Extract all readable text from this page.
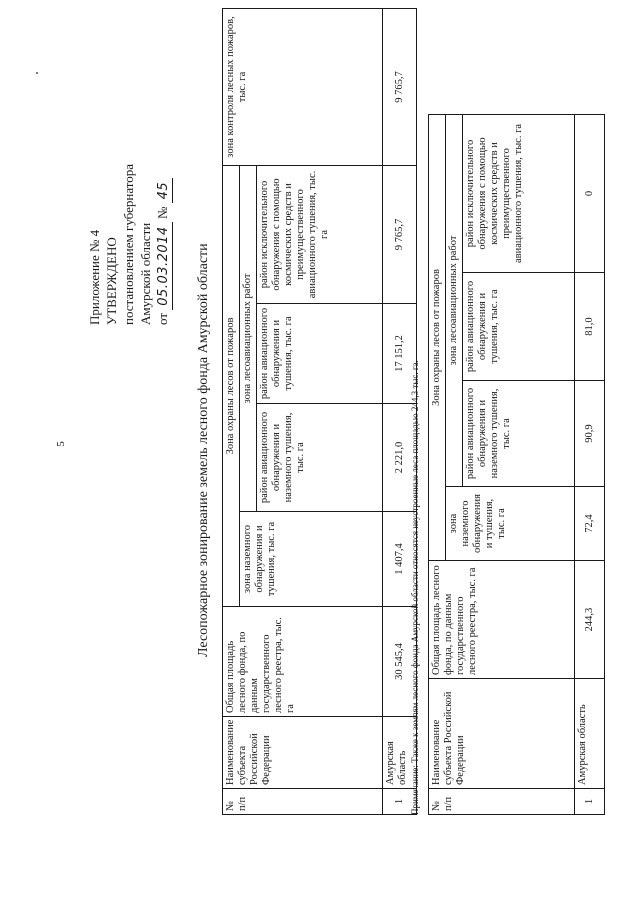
5
Приложение № 4 УТВЕРЖДЕНО постановлением губернатора Амурской области от 05.03.2014 № 45
Лесопожарное зонирование земель лесного фонда Амурской области
№ п/п	Наименование субъекта Российской Федерации	Общая площадь лесного фонда, по данным государственного лесного реестра, тыс. га	Зона охраны лесов от пожаров				зона контроля лесных пожаров, тыс. га
			зона наземного обнаружения и тушения, тыс. га	зона лесоавиационных работ			
				район авиационного обнаружения и наземного тушения, тыс. га	район авиационного обнаружения и тушения, тыс. га	район исключительного обнаружения с помощью космических средств и преимущественного авиационного тушения, тыс. га	
1	Амурская область	30 545,4	1 407,4	2 221,0	17 151,2	9 765,7	9 765,7
Примечание: Также к землям лесного фонда Амурской области относятся неустроенные леса площадью 244,3 тыс. га. № п/п	Наименование субъекта Российской Федерации	Общая площадь лесного фонда, по данным государственного лесного реестра, тыс. га	Зона охраны лесов от пожаров			
			зона наземного обнаружения и тушения, тыс. га	зона лесоавиационных работ		
				район авиационного обнаружения и наземного тушения, тыс. га	район авиационного обнаружения и тушения, тыс. га	район исключительного обнаружения с помощью космических средств и преимущественного авиационного тушения, тыс. га
1	Амурская область	244,3	72,4	90,9	81,0	0
